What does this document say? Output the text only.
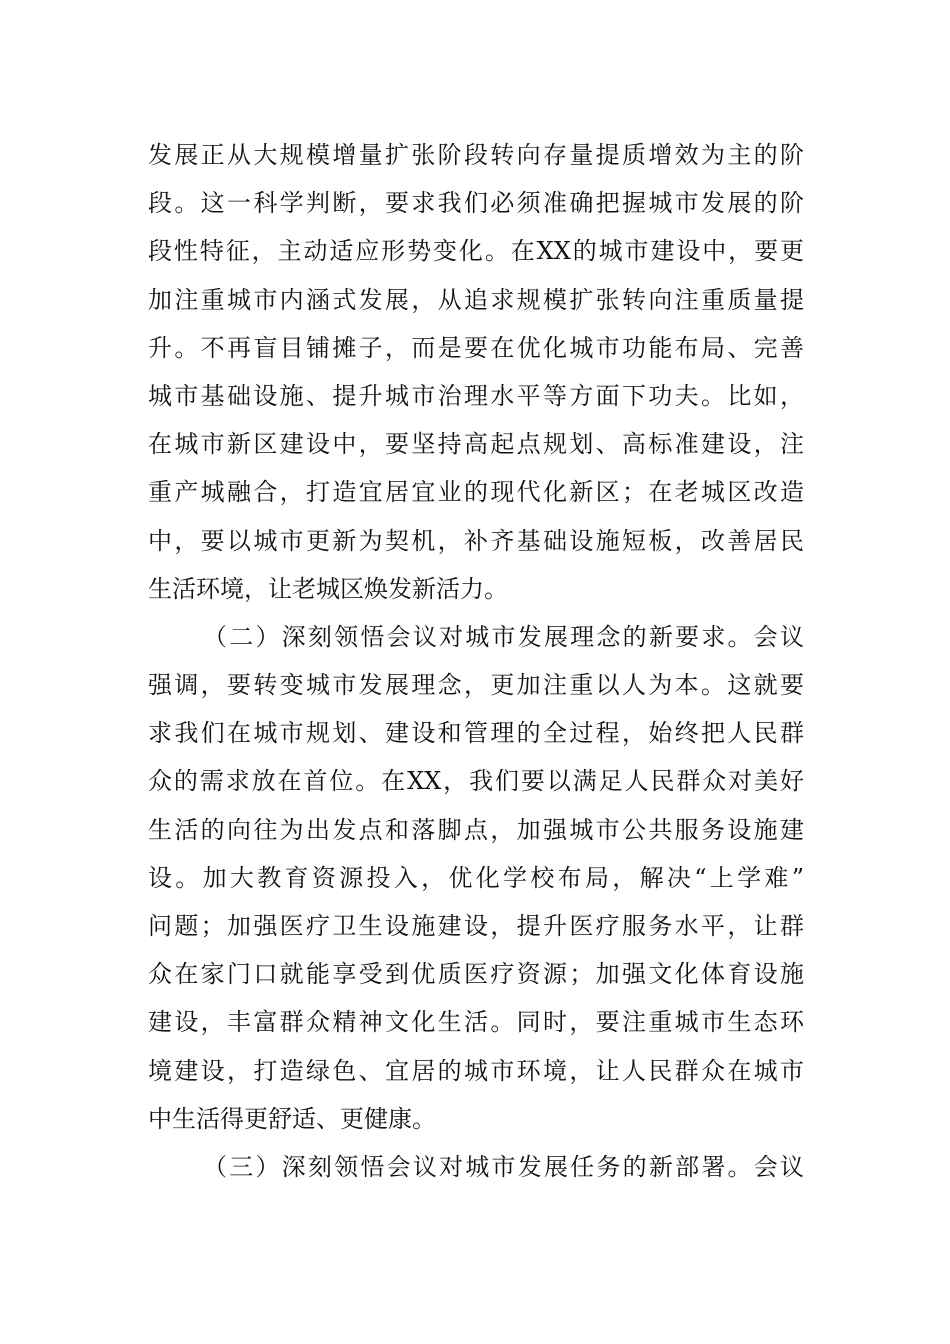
发展正从大规模增量扩张阶段转向存量提质增效为主的阶
段。这一科学判断，要求我们必须准确把握城市发展的阶
段性特征，主动适应形势变化。在XX的城市建设中，要更
加注重城市内涵式发展，从追求规模扩张转向注重质量提
升。不再盲目铺摊子，而是要在优化城市功能布局、完善
城市基础设施、提升城市治理水平等方面下功夫。比如，
在城市新区建设中，要坚持高起点规划、高标准建设，注
重产城融合，打造宜居宜业的现代化新区；在老城区改造
中，要以城市更新为契机，补齐基础设施短板，改善居民
生活环境，让老城区焕发新活力。
（二）深刻领悟会议对城市发展理念的新要求。会议
强调，要转变城市发展理念，更加注重以人为本。这就要
求我们在城市规划、建设和管理的全过程，始终把人民群
众的需求放在首位。在XX，我们要以满足人民群众对美好
生活的向往为出发点和落脚点，加强城市公共服务设施建
设。加大教育资源投入，优化学校布局，解决“上学难”
问题；加强医疗卫生设施建设，提升医疗服务水平，让群
众在家门口就能享受到优质医疗资源；加强文化体育设施
建设，丰富群众精神文化生活。同时，要注重城市生态环
境建设，打造绿色、宜居的城市环境，让人民群众在城市
中生活得更舒适、更健康。
（三）深刻领悟会议对城市发展任务的新部署。会议
